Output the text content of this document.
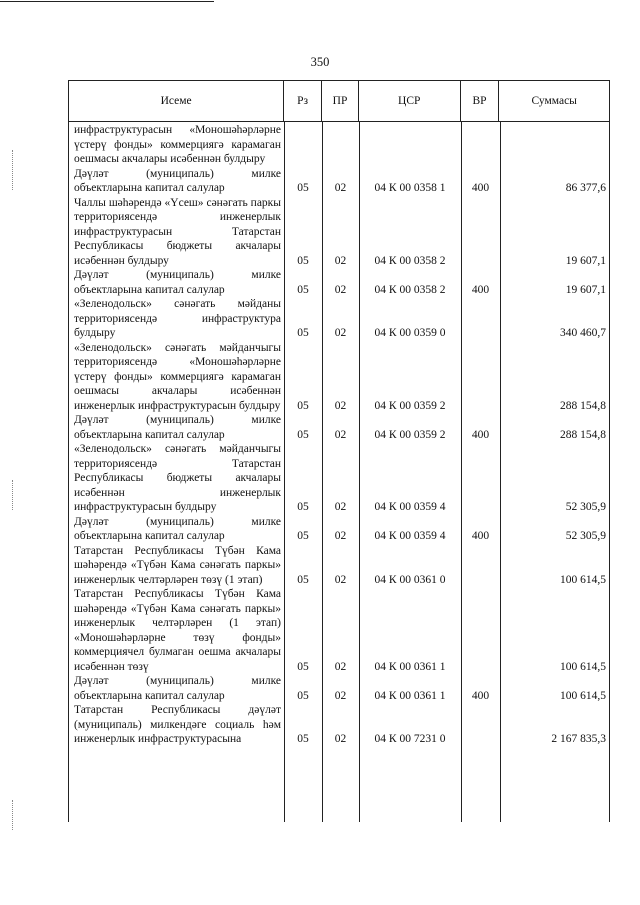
350
Исеме	Рз	ПР	ЦСР	ВР	Суммасы
инфраструктурасын «Моношәһәрләрне үстерү фонды» коммерциягә карамаган оешмасы акчалары исәбеннән булдыру
Дәүләт (муниципаль) милке объектларына капитал салулар	05	02	04 К 00 0358 1	400	86 377,6
Чаллы шәһәрендә «Үсеш» сәнәгать паркы территориясендә инженерлык инфраструктурасын Татарстан Республикасы бюджеты акчалары исәбеннән булдыру	05	02	04 К 00 0358 2	19 607,1
Дәүләт (муниципаль) милке объектларына капитал салулар	05	02	04 К 00 0358 2	400	19 607,1
«Зеленодольск» сәнәгать мәйданы территориясендә инфраструктура булдыру	05	02	04 К 00 0359 0	340 460,7
«Зеленодольск» сәнәгать мәйданчыгы территориясендә «Моношәһәрләрне үстерү фонды» коммерциягә карамаган оешмасы акчалары исәбеннән инженерлык инфраструктурасын булдыру	05	02	04 К 00 0359 2	288 154,8
Дәүләт (муниципаль) милке объектларына капитал салулар	05	02	04 К 00 0359 2	400	288 154,8
«Зеленодольск» сәнәгать мәйданчыгы территориясендә Татарстан Республикасы бюджеты акчалары исәбеннән инженерлык инфраструктурасын булдыру	05	02	04 К 00 0359 4	52 305,9
Дәүләт (муниципаль) милке объектларына капитал салулар	05	02	04 К 00 0359 4	400	52 305,9
Татарстан Республикасы Түбән Кама шәһәрендә «Түбән Кама сәнәгать паркы» инженерлык челтәрләрен төзү (1 этап)	05	02	04 К 00 0361 0	100 614,5
Татарстан Республикасы Түбән Кама шәһәрендә «Түбән Кама сәнәгать паркы» инженерлык челтәрләрен (1 этап) «Моношәһәрләрне төзү фонды» коммерциячел булмаган оешма акчалары исәбеннән төзү	05	02	04 К 00 0361 1	100 614,5
Дәүләт (муниципаль) милке объектларына капитал салулар	05	02	04 К 00 0361 1	400	100 614,5
Татарстан Республикасы дәүләт (муниципаль) милкендәге социаль һәм инженерлык инфраструктурасына	05	02	04 К 00 7231 0	2 167 835,3
